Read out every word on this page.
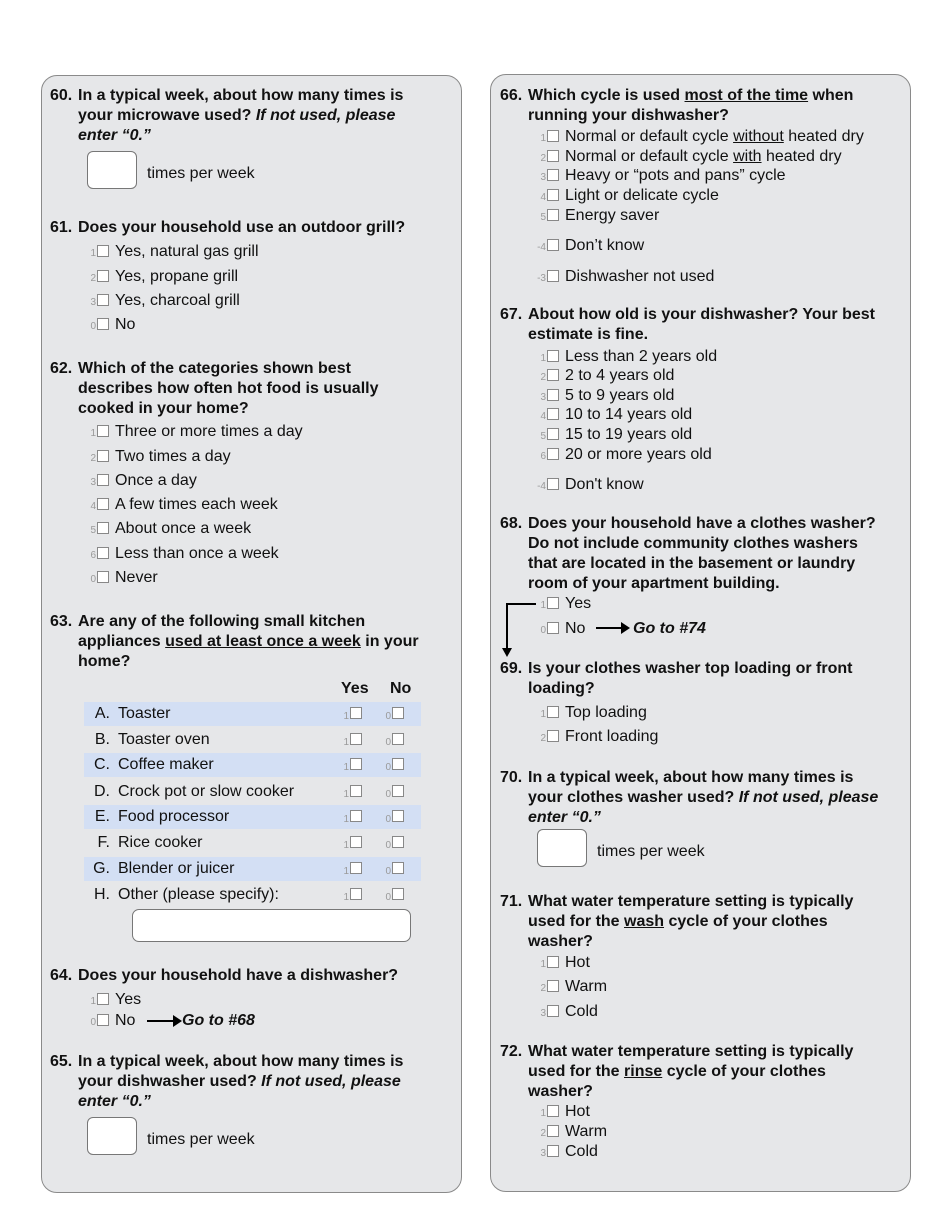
60. In a typical week, about how many times is
your microwave used? If not used, please
enter “0.”
times per week
61. Does your household use an outdoor grill?
1 Yes, natural gas grill
2 Yes, propane grill
3 Yes, charcoal grill
0 No
62. Which of the categories shown best
describes how often hot food is usually
cooked in your home?
1 Three or more times a day
2 Two times a day
3 Once a day
4 A few times each week
5 About once a week
6 Less than once a week
0 Never
63. Are any of the following small kitchen
appliances used at least once a week in your
home?
Yes No
A. Toaster	1	0
B. Toaster oven	1	0
C. Coffee maker	1	0
D. Crock pot or slow cooker	1	0
E. Food processor	1	0
F. Rice cooker	1	0
G. Blender or juicer	1	0
H. Other (please specify):	1	0
64. Does your household have a dishwasher?
1 Yes
0 No	Go to #68
65. In a typical week, about how many times is
your dishwasher used? If not used, please
enter “0.”
times per week
66. Which cycle is used most of the time when
running your dishwasher?
1 Normal or default cycle without heated dry
2 Normal or default cycle with heated dry
3 Heavy or “pots and pans” cycle
4 Light or delicate cycle
5 Energy saver
-4 Don’t know
-3 Dishwasher not used
67. About how old is your dishwasher? Your best
estimate is fine.
1 Less than 2 years old
2 2 to 4 years old
3 5 to 9 years old
4 10 to 14 years old
5 15 to 19 years old
6 20 or more years old
-4 Don't know
68. Does your household have a clothes washer?
Do not include community clothes washers
that are located in the basement or laundry
room of your apartment building.
1 Yes
0 No	Go to #74
69. Is your clothes washer top loading or front
loading?
1 Top loading
2 Front loading
70. In a typical week, about how many times is
your clothes washer used? If not used, please
enter “0.”
times per week
71. What water temperature setting is typically
used for the wash cycle of your clothes
washer?
1 Hot
2 Warm
3 Cold
72. What water temperature setting is typically
used for the rinse cycle of your clothes
washer?
1 Hot
2 Warm
3 Cold
